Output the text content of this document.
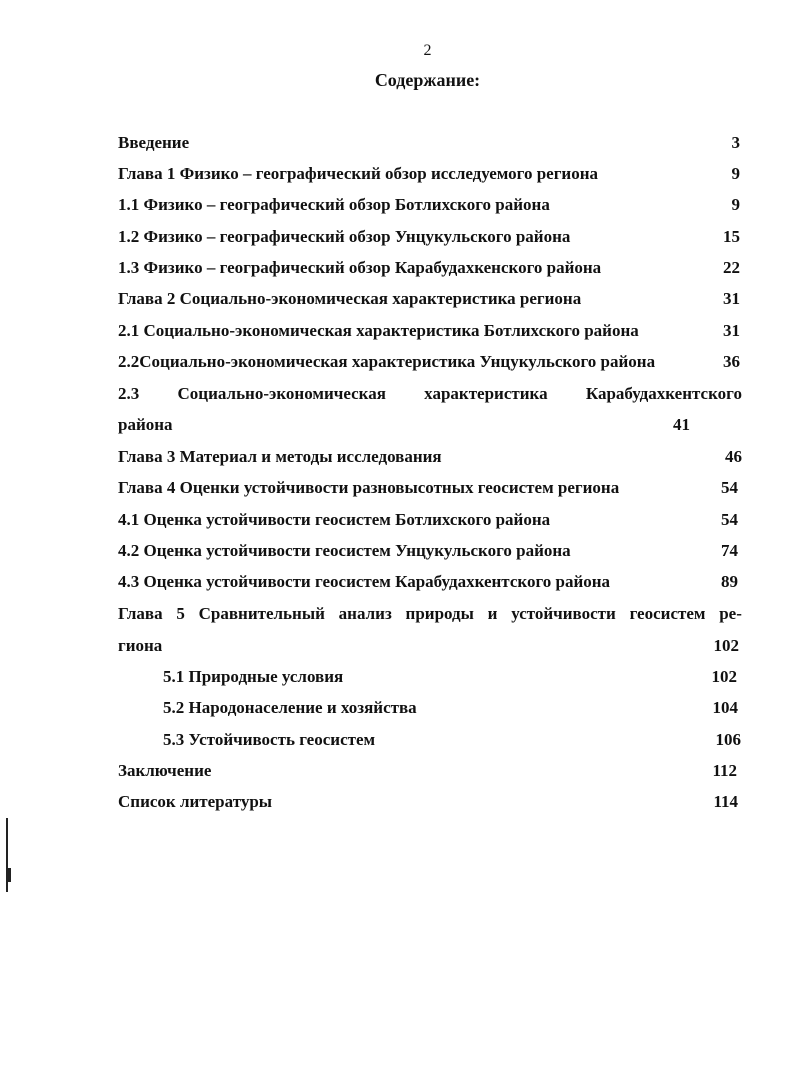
2
Содержание:
Введение	3
Глава 1 Физико – географический обзор исследуемого региона	9
1.1 Физико – географический обзор Ботлихского района	9
1.2 Физико – географический обзор Унцукульского района	15
1.3 Физико – географический обзор Карабудахкенского района	22
Глава 2 Социально-экономическая характеристика региона	31
2.1 Социально-экономическая характеристика Ботлихского района	31
2.2Социально-экономическая характеристика Унцукульского района	36
2.3 Социально-экономическая характеристика Карабудахкентского
района	41
Глава 3 Материал и методы исследования	46
Глава 4 Оценки устойчивости разновысотных геосистем региона	54
4.1 Оценка устойчивости геосистем Ботлихского района	54
4.2 Оценка устойчивости геосистем Унцукульского района	74
4.3 Оценка устойчивости геосистем Карабудахкентского района	89
Глава 5 Сравнительный анализ природы и устойчивости геосистем ре-
гиона	102
5.1 Природные условия	102
5.2 Народонаселение и хозяйства	104
5.3 Устойчивость геосистем	106
Заключение	112
Список литературы	114
